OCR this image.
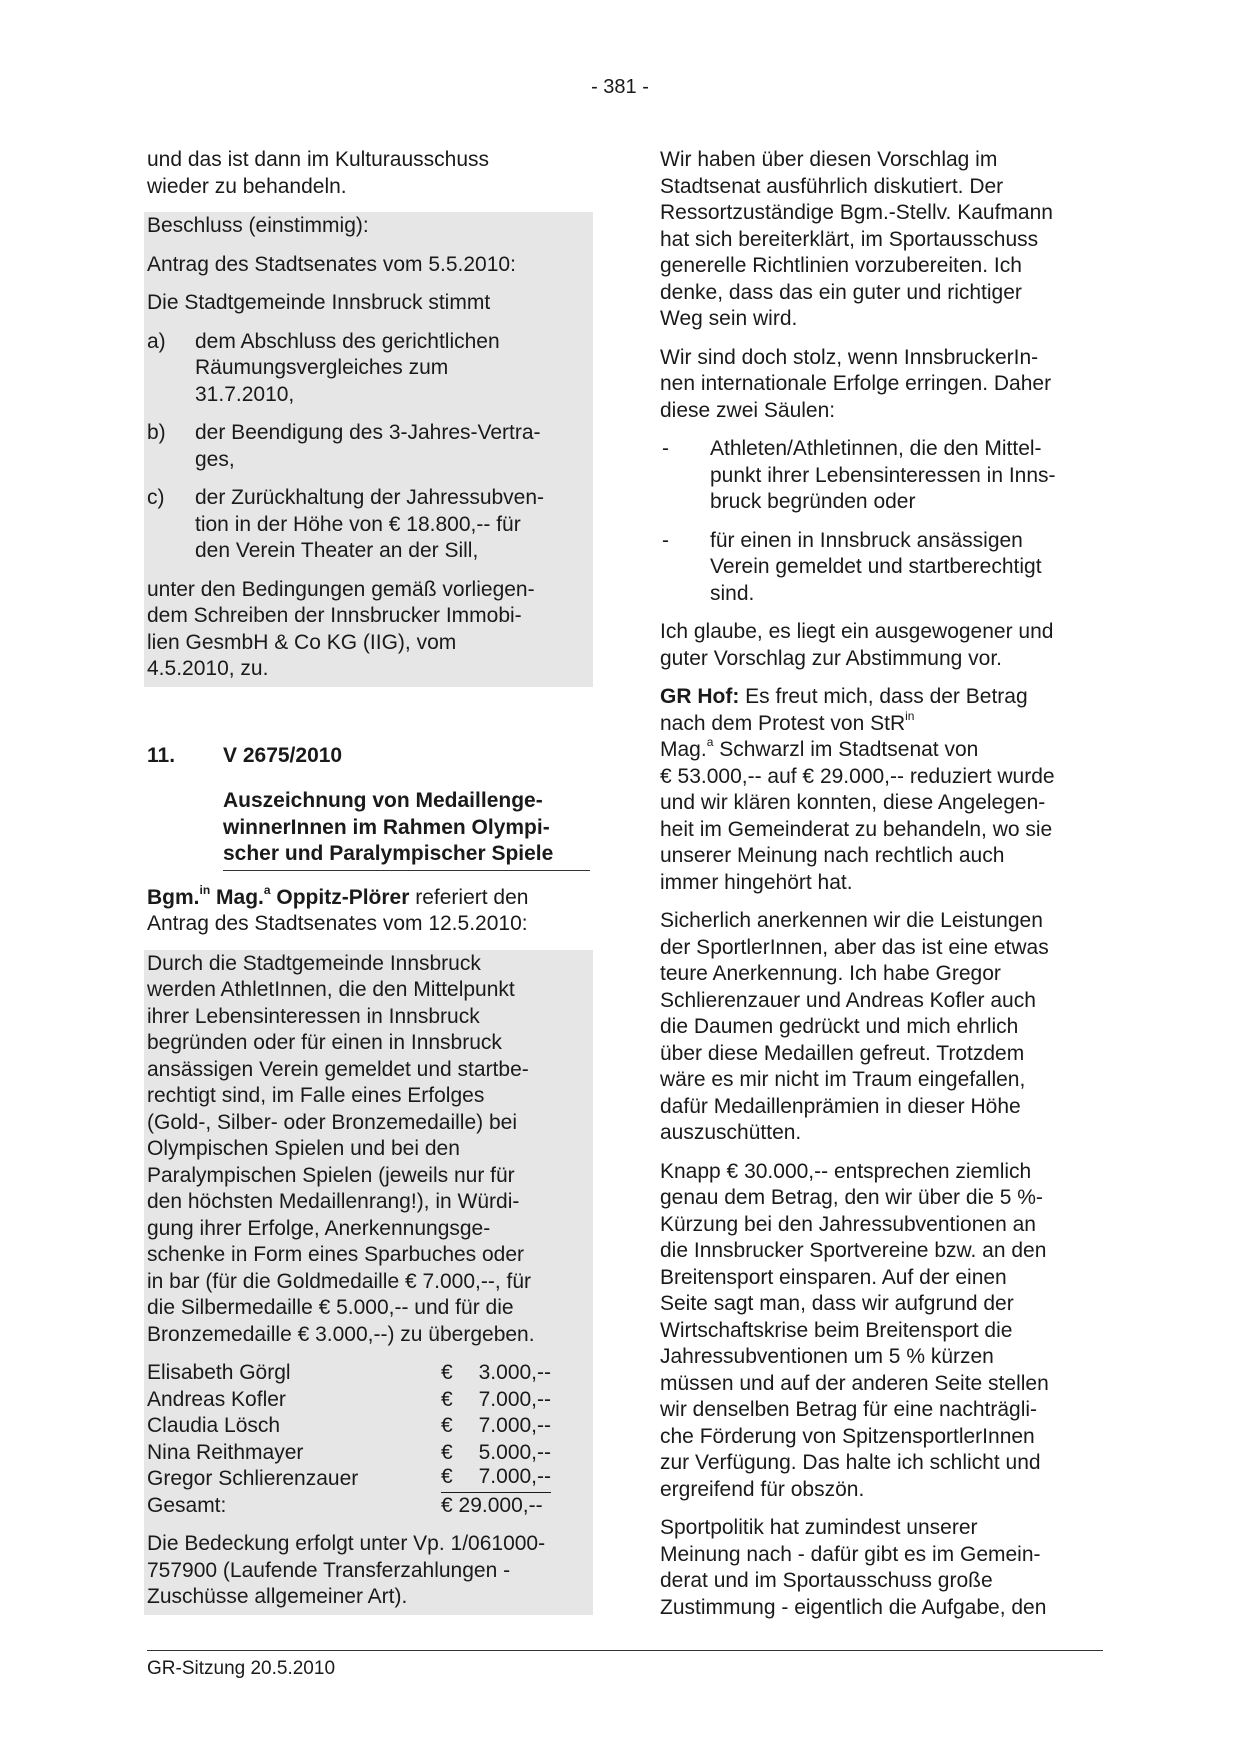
- 381 -

und das ist dann im Kulturausschuss
wieder zu behandeln.

Beschluss (einstimmig):

Antrag des Stadtsenates vom 5.5.2010:

Die Stadtgemeinde Innsbruck stimmt

a)	dem Abschluss des gerichtlichen
Räumungsvergleiches zum
31.7.2010,
b)	der Beendigung des 3-Jahres-Vertra-
ges,
c)	der Zurückhaltung der Jahressubven-
tion in der Höhe von € 18.800,-- für
den Verein Theater an der Sill,

unter den Bedingungen gemäß vorliegen-
dem Schreiben der Innsbrucker Immobi-
lien GesmbH & Co KG (IIG), vom
4.5.2010, zu.

11.	V 2675/2010
Auszeichnung von Medaillenge-
winnerInnen im Rahmen Olympi-
scher und Paralympischer Spiele

Bgm.$^{in}$ Mag.$^a$ Oppitz-Plörer referiert den
Antrag des Stadtsenates vom 12.5.2010:

Durch die Stadtgemeinde Innsbruck
werden AthletInnen, die den Mittelpunkt
ihrer Lebensinteressen in Innsbruck
begründen oder für einen in Innsbruck
ansässigen Verein gemeldet und startbe-
rechtigt sind, im Falle eines Erfolges
(Gold-, Silber- oder Bronzemedaille) bei
Olympischen Spielen und bei den
Paralympischen Spielen (jeweils nur für
den höchsten Medaillenrang!), in Würdi-
gung ihrer Erfolge, Anerkennungsge-
schenke in Form eines Sparbuches oder
in bar (für die Goldmedaille € 7.000,--, für
die Silbermedaille € 5.000,-- und für die
Bronzemedaille € 3.000,--) zu übergeben.

Elisabeth Görgl	€	3.000,--
Andreas Kofler	€	7.000,--
Claudia Lösch	€	7.000,--
Nina Reithmayer	€	5.000,--
Gregor Schlierenzauer	€ 7.000,--
Gesamt:	€ 29.000,--

Die Bedeckung erfolgt unter Vp. 1/061000-
757900 (Laufende Transferzahlungen -
Zuschüsse allgemeiner Art).

Wir haben über diesen Vorschlag im
Stadtsenat ausführlich diskutiert. Der
Ressortzuständige Bgm.-Stellv. Kaufmann
hat sich bereiterklärt, im Sportausschuss
generelle Richtlinien vorzubereiten. Ich
denke, dass das ein guter und richtiger
Weg sein wird.

Wir sind doch stolz, wenn InnsbruckerIn-
nen internationale Erfolge erringen. Daher
diese zwei Säulen:

-	Athleten/Athletinnen, die den Mittel-
punkt ihrer Lebensinteressen in Inns-
bruck begründen oder
-	für einen in Innsbruck ansässigen
Verein gemeldet und startberechtigt
sind.

Ich glaube, es liegt ein ausgewogener und
guter Vorschlag zur Abstimmung vor.

GR Hof: Es freut mich, dass der Betrag
nach dem Protest von StR$^{in}$
Mag.$^a$ Schwarzl im Stadtsenat von
€ 53.000,-- auf € 29.000,-- reduziert wurde
und wir klären konnten, diese Angelegen-
heit im Gemeinderat zu behandeln, wo sie
unserer Meinung nach rechtlich auch
immer hingehört hat.

Sicherlich anerkennen wir die Leistungen
der SportlerInnen, aber das ist eine etwas
teure Anerkennung. Ich habe Gregor
Schlierenzauer und Andreas Kofler auch
die Daumen gedrückt und mich ehrlich
über diese Medaillen gefreut. Trotzdem
wäre es mir nicht im Traum eingefallen,
dafür Medaillenprämien in dieser Höhe
auszuschütten.

Knapp € 30.000,-- entsprechen ziemlich
genau dem Betrag, den wir über die 5 %-
Kürzung bei den Jahressubventionen an
die Innsbrucker Sportvereine bzw. an den
Breitensport einsparen. Auf der einen
Seite sagt man, dass wir aufgrund der
Wirtschaftskrise beim Breitensport die
Jahressubventionen um 5 % kürzen
müssen und auf der anderen Seite stellen
wir denselben Betrag für eine nachträgli-
che Förderung von SpitzensportlerInnen
zur Verfügung. Das halte ich schlicht und
ergreifend für obszön.

Sportpolitik hat zumindest unserer
Meinung nach - dafür gibt es im Gemein-
derat und im Sportausschuss große
Zustimmung - eigentlich die Aufgabe, den

GR-Sitzung 20.5.2010
